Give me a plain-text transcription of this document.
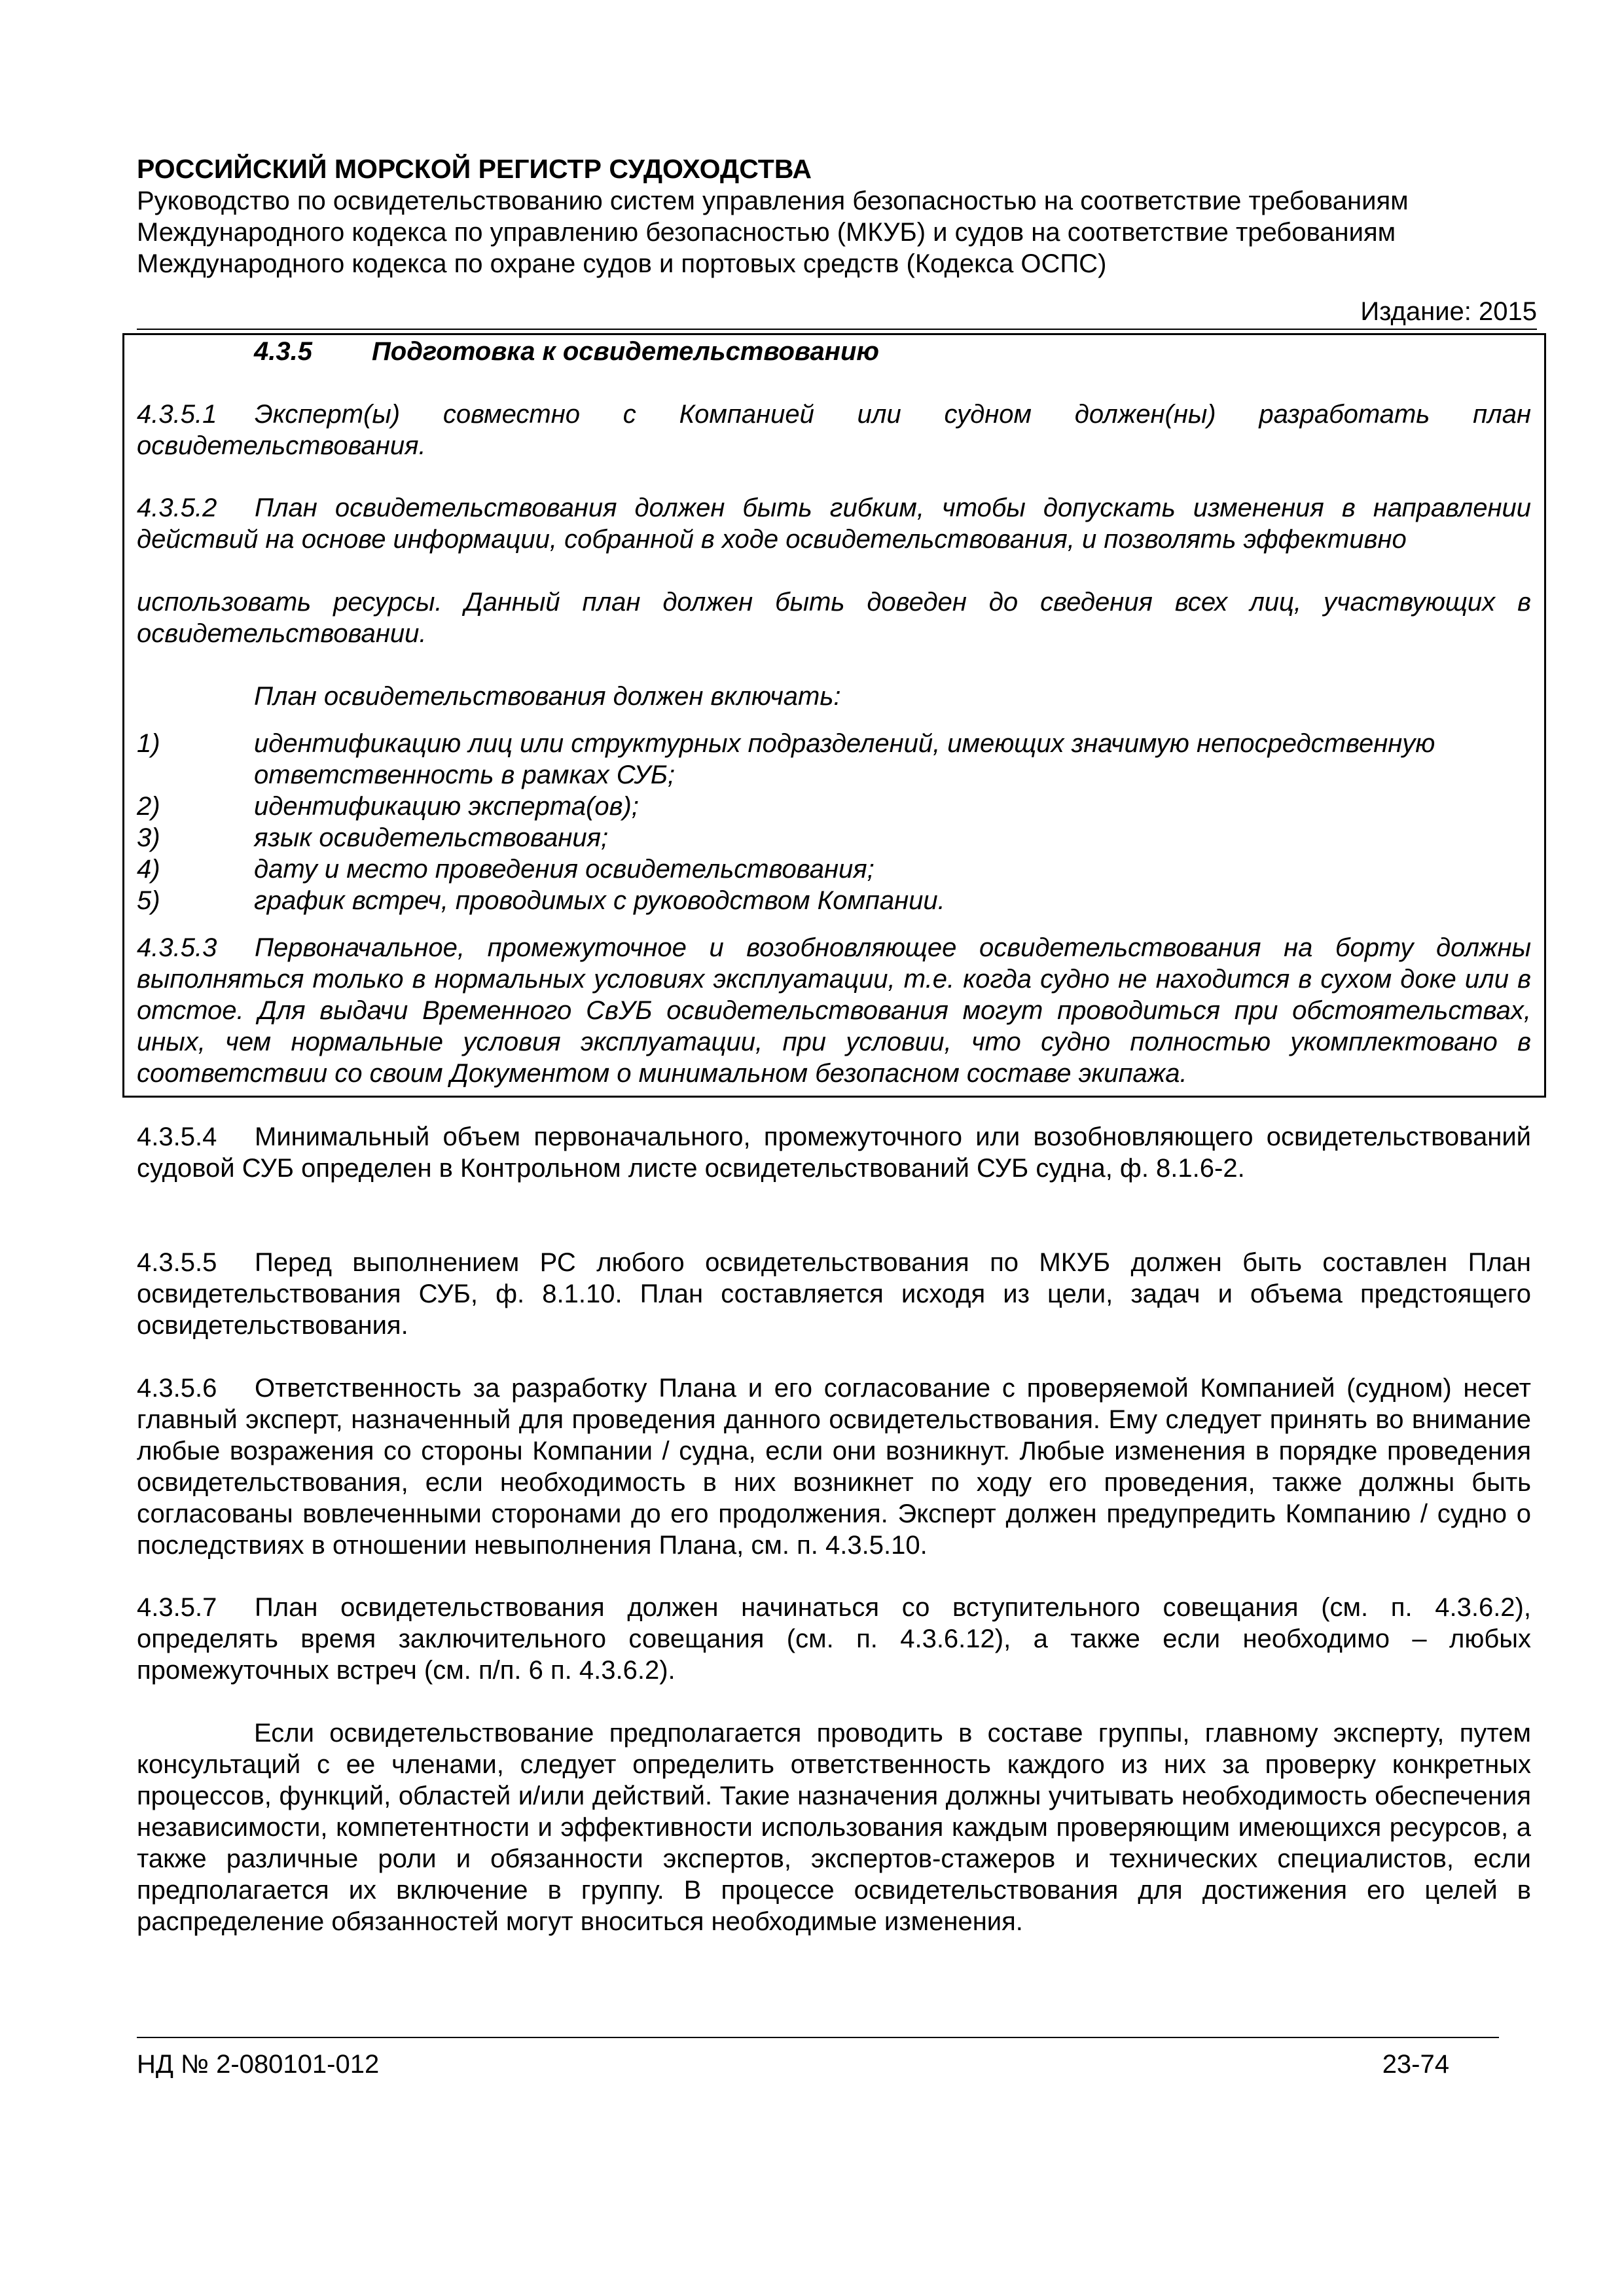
РОССИЙСКИЙ МОРСКОЙ РЕГИСТР СУДОХОДСТВА
Руководство по освидетельствованию систем управления безопасностью на соответствие требованиям
Международного кодекса по управлению безопасностью (МКУБ) и судов на соответствие требованиям
Международного кодекса по охране судов и портовых средств (Кодекса ОСПС)
Издание: 2015
4.3.5 Подготовка к освидетельствованию
4.3.5.1 Эксперт(ы) совместно с Компанией или судном должен(ны) разработать план освидетельствования.
4.3.5.2 План освидетельствования должен быть гибким, чтобы допускать изменения в направлении действий на основе информации, собранной в ходе освидетельствования, и позволять эффективно
использовать ресурсы. Данный план должен быть доведен до сведения всех лиц, участвующих в освидетельствовании.
План освидетельствования должен включать:
1)	идентификацию лиц или структурных подразделений, имеющих значимую непосредственную ответственность в рамках СУБ;
2)	идентификацию эксперта(ов);
3)	язык освидетельствования;
4)	дату и место проведения освидетельствования;
5)	график встреч, проводимых с руководством Компании.
4.3.5.3 Первоначальное, промежуточное и возобновляющее освидетельствования на борту должны выполняться только в нормальных условиях эксплуатации, т.е. когда судно не находится в сухом доке или в отстое. Для выдачи Временного СвУБ освидетельствования могут проводиться при обстоятельствах, иных, чем нормальные условия эксплуатации, при условии, что судно полностью укомплектовано в соответствии со своим Документом о минимальном безопасном составе экипажа.
4.3.5.4 Минимальный объем первоначального, промежуточного или возобновляющего освидетельствований судовой СУБ определен в Контрольном листе освидетельствований СУБ судна, ф. 8.1.6-2.
4.3.5.5 Перед выполнением РС любого освидетельствования по МКУБ должен быть составлен План освидетельствования СУБ, ф. 8.1.10. План составляется исходя из цели, задач и объема предстоящего освидетельствования.
4.3.5.6 Ответственность за разработку Плана и его согласование с проверяемой Компанией (судном) несет главный эксперт, назначенный для проведения данного освидетельствования. Ему следует принять во внимание любые возражения со стороны Компании / судна, если они возникнут. Любые изменения в порядке проведения освидетельствования, если необходимость в них возникнет по ходу его проведения, также должны быть согласованы вовлеченными сторонами до его продолжения. Эксперт должен предупредить Компанию / судно о последствиях в отношении невыполнения Плана, см. п. 4.3.5.10.
4.3.5.7 План освидетельствования должен начинаться со вступительного совещания (см. п. 4.3.6.2), определять время заключительного совещания (см. п. 4.3.6.12), а также если необходимо – любых промежуточных встреч (см. п/п. 6 п. 4.3.6.2).
Если освидетельствование предполагается проводить в составе группы, главному эксперту, путем консультаций с ее членами, следует определить ответственность каждого из них за проверку конкретных процессов, функций, областей и/или действий. Такие назначения должны учитывать необходимость обеспечения независимости, компетентности и эффективности использования каждым проверяющим имеющихся ресурсов, а также различные роли и обязанности экспертов, экспертов-стажеров и технических специалистов, если предполагается их включение в группу. В процессе освидетельствования для достижения его целей в распределение обязанностей могут вноситься необходимые изменения.
НД № 2-080101-012	23-74
